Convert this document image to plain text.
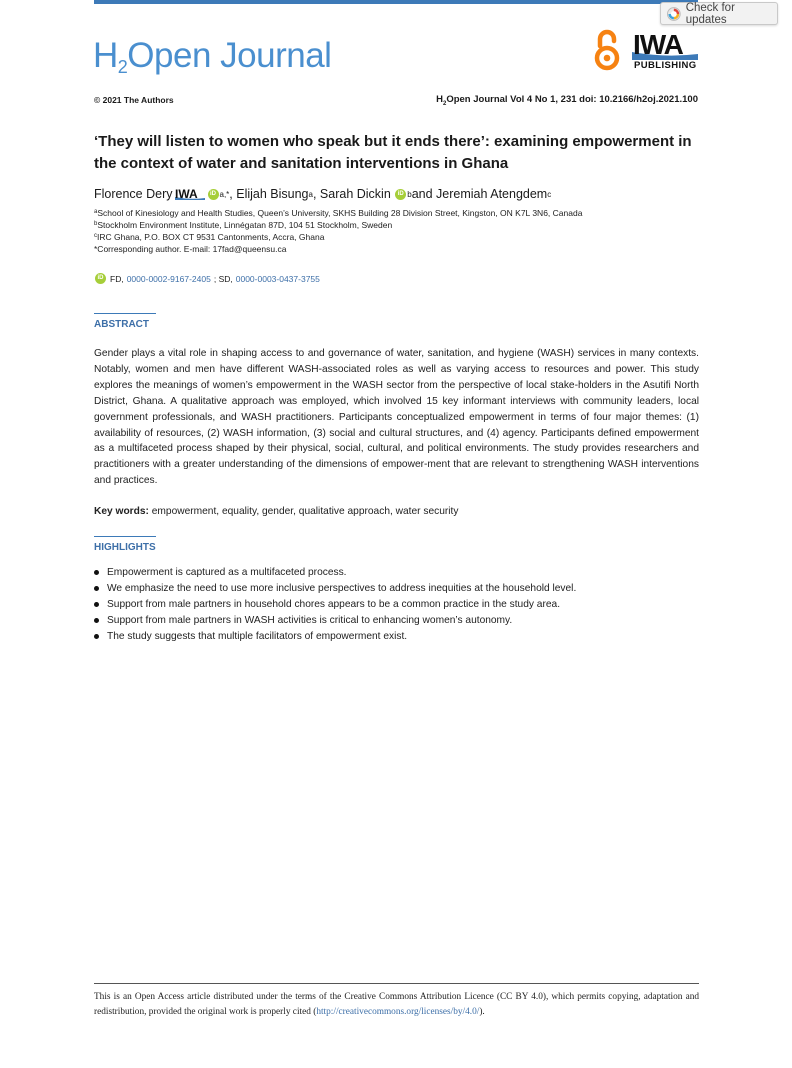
Check for updates
$H_2Open$ Journal	IWA
PUBLISHING
© 2021 The Authors	$H_2Open$ Journal Vol 4 No 1, 231 doi: 10.2166/h2oj.2021.100
‘They will listen to women who speak but it ends there’: examining empowerment in the context of water and sanitation interventions in Ghana
Florence Dery IWA	iD a,* , Elijah Bisung a , Sarah Dickin
	iD b and Jeremiah Atengdem c
$^a$School of Kinesiology and Health Studies, Queen’s University, SKHS Building 28 Division Street, Kingston, ON K7L 3N6, Canada
$^b$Stockholm Environment Institute, Linnégatan 87D, 104 51 Stockholm, Sweden
$^c$IRC Ghana, P.O. BOX CT 9531 Cantonments, Accra, Ghana
*Corresponding author. E-mail: 17fad@queensu.ca
iD FD, 0000-0002-9167-2405 ; SD, 0000-0003-0437-3755
ABSTRACT
Gender plays a vital role in shaping access to and governance of water, sanitation, and hygiene (WASH) services in many contexts. Notably, women and men have different WASH-associated roles as well as varying access to resources and power. This study explores the meanings of women’s empowerment in the WASH sector from the perspective of local stake-holders in the Asutifi North District, Ghana. A qualitative approach was employed, which involved 15 key informant interviews with community leaders, local government professionals, and WASH practitioners. Participants conceptualized empowerment in terms of four major themes: (1) availability of resources, (2) WASH information, (3) social and cultural structures, and (4) agency. Participants defined empowerment as a multifaceted process shaped by their physical, social, cultural, and political environments. The study provides researchers and practitioners with a greater understanding of the dimensions of empower-ment that are relevant to strengthening WASH interventions and practices.
Key words: empowerment, equality, gender, qualitative approach, water security
HIGHLIGHTS
Empowerment is captured as a multifaceted process.
We emphasize the need to use more inclusive perspectives to address inequities at the household level.
Support from male partners in household chores appears to be a common practice in the study area.
Support from male partners in WASH activities is critical to enhancing women’s autonomy.
The study suggests that multiple facilitators of empowerment exist.
This is an Open Access article distributed under the terms of the Creative Commons Attribution Licence (CC BY 4.0), which permits copying, adaptation and redistribution, provided the original work is properly cited (http://creativecommons.org/licenses/by/4.0/).
